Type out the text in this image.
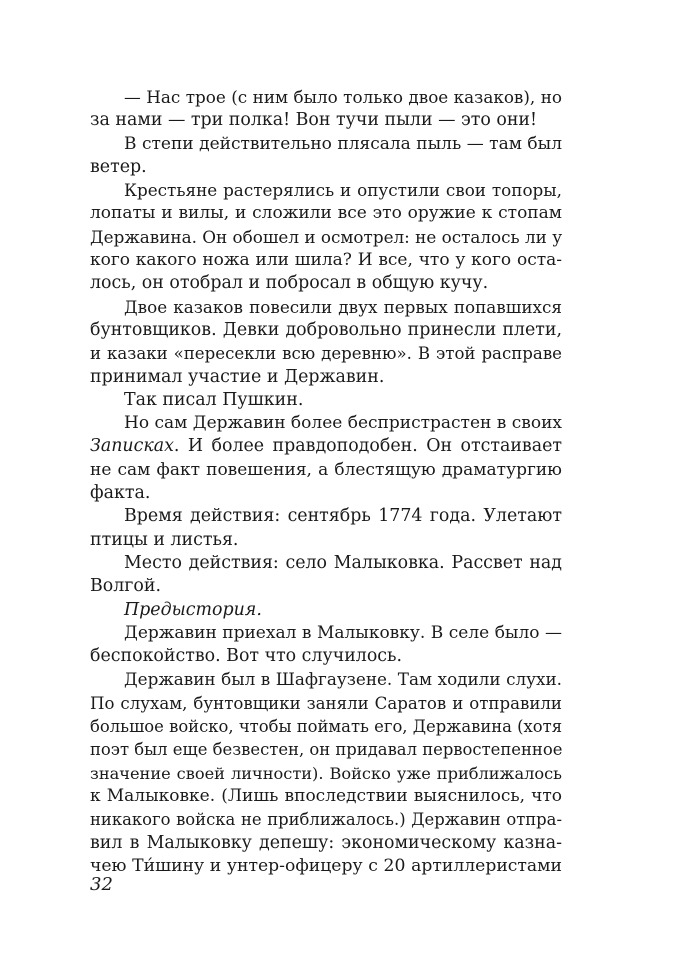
— Нас трое (с ним было только двое казаков), но
за нами — три полка! Вон тучи пыли — это они!
В степи действительно плясала пыль — там был
ветер.
Крестьяне растерялись и опустили свои топоры,
лопаты и вилы, и сложили все это оружие к стопам
Державина. Он обошел и осмотрел: не осталось ли у
кого какого ножа или шила? И все, что у кого оста-
лось, он отобрал и побросал в общую кучу.
Двое казаков повесили двух первых попавшихся
бунтовщиков. Девки добровольно принесли плети,
и казаки «пересекли всю деревню». В этой расправе
принимал участие и Державин.
Так писал Пушкин.
Но сам Державин более беспристрастен в своих
Записках. И более правдоподобен. Он отстаивает
не сам факт повешения, а блестящую драматургию
факта.
Время действия: сентябрь 1774 года. Улетают
птицы и листья.
Место действия: село Малыковка. Рассвет над
Волгой.
Предыстория.
Державин приехал в Малыковку. В селе было —
беспокойство. Вот что случилось.
Державин был в Шафгаузене. Там ходили слухи.
По слухам, бунтовщики заняли Саратов и отправили
большое войско, чтобы поймать его, Державина (хотя
поэт был еще безвестен, он придавал первостепенное
значение своей личности). Войско уже приближалось
к Малыковке. (Лишь впоследствии выяснилось, что
никакого войска не приближалось.) Державин отпра-
вил в Малыковку депешу: экономическому казна-
чею Ти́шину и унтер-офицеру с 20 артиллеристами
32
